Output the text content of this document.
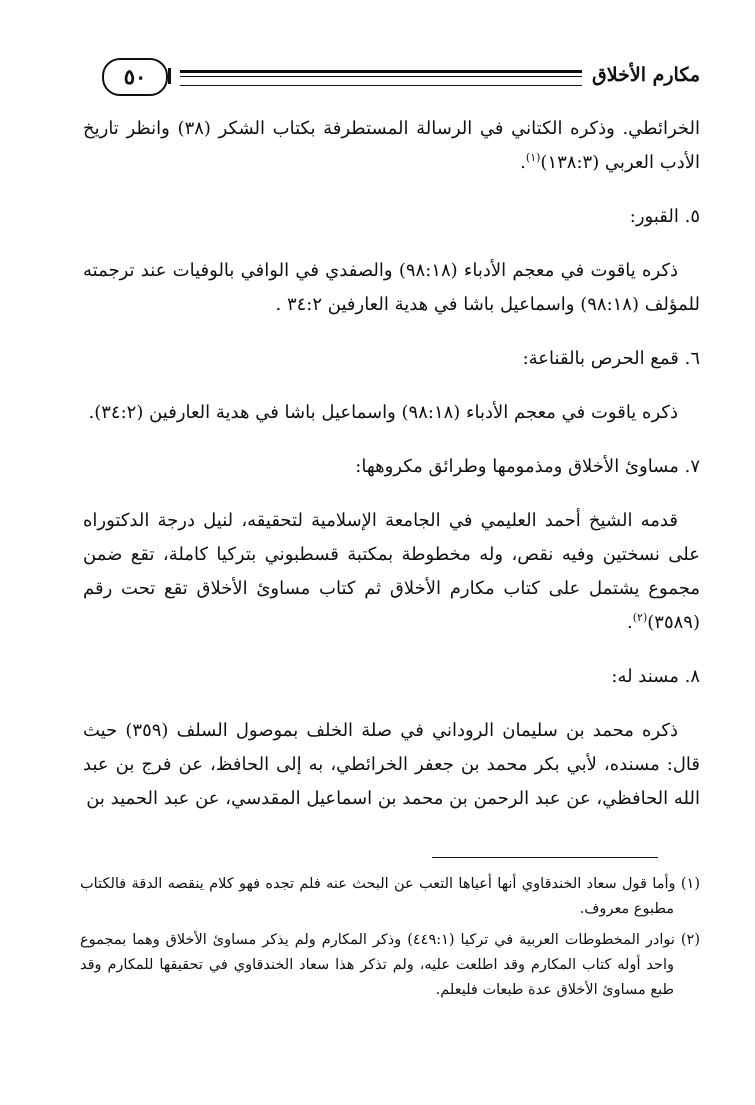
مكارم الأخلاق
٥٠

الخرائطي. وذكره الكتاني في الرسالة المستطرفة بكتاب الشكر (٣٨) وانظر تاريخ الأدب العربي (١٣٨:٣)$^{(١)}$.

٥. القبور:

ذكره ياقوت في معجم الأدباء (٩٨:١٨) والصفدي في الوافي بالوفيات عند ترجمته للمؤلف (٩٨:١٨) واسماعيل باشا في هدية العارفين ٣٤:٢ .

٦. قمع الحرص بالقناعة:

ذكره ياقوت في معجم الأدباء (٩٨:١٨) واسماعيل باشا في هدية العارفين (٣٤:٢).

٧. مساوئ الأخلاق ومذمومها وطرائق مكروهها:

قدمه الشيخ أحمد العليمي في الجامعة الإسلامية لتحقيقه، لنيل درجة الدكتوراه على نسختين وفيه نقص، وله مخطوطة بمكتبة قسطبوني بتركيا كاملة، تقع ضمن مجموع يشتمل على كتاب مكارم الأخلاق ثم كتاب مساوئ الأخلاق تقع تحت رقم (٣٥٨٩)$^{(٢)}$.

٨. مسند له:

ذكره محمد بن سليمان الروداني في صلة الخلف بموصول السلف (٣٥٩) حيث قال: مسنده، لأبي بكر محمد بن جعفر الخرائطي، به إلى الحافظ، عن فرج بن عبد الله الحافظي، عن عبد الرحمن بن محمد بن اسماعيل المقدسي، عن عبد الحميد بن

(١) وأما قول سعاد الخندقاوي أنها أعياها التعب عن البحث عنه فلم تجده فهو كلام ينقصه الدقة فالكتاب مطبوع معروف.

(٢) نوادر المخطوطات العربية في تركيا (٤٤٩:١) وذكر المكارم ولم يذكر مساوئ الأخلاق وهما بمجموع واحد أوله كتاب المكارم وقد اطلعت عليه، ولم تذكر هذا سعاد الخندقاوي في تحقيقها للمكارم وقد طبع مساوئ الأخلاق عدة طبعات فليعلم.
